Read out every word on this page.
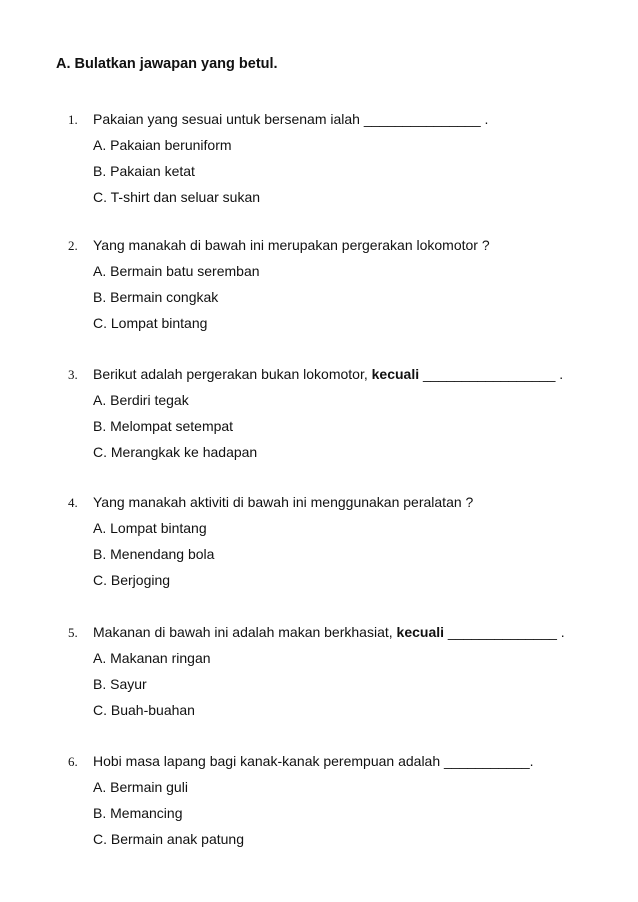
A. Bulatkan jawapan yang betul.
1. Pakaian yang sesuai untuk bersenam ialah _______________ .
A. Pakaian beruniform
B. Pakaian ketat
C. T-shirt dan seluar sukan
2. Yang manakah di bawah ini merupakan pergerakan lokomotor ?
A. Bermain batu seremban
B. Bermain congkak
C. Lompat bintang
3. Berikut adalah pergerakan bukan lokomotor, kecuali _________________ .
A. Berdiri tegak
B. Melompat setempat
C. Merangkak ke hadapan
4. Yang manakah aktiviti di bawah ini menggunakan peralatan ?
A. Lompat bintang
B. Menendang bola
C. Berjoging
5. Makanan di bawah ini adalah makan berkhasiat, kecuali ______________ .
A. Makanan ringan
B. Sayur
C. Buah-buahan
6. Hobi masa lapang bagi kanak-kanak perempuan adalah ___________.
A. Bermain guli
B. Memancing
C. Bermain anak patung
